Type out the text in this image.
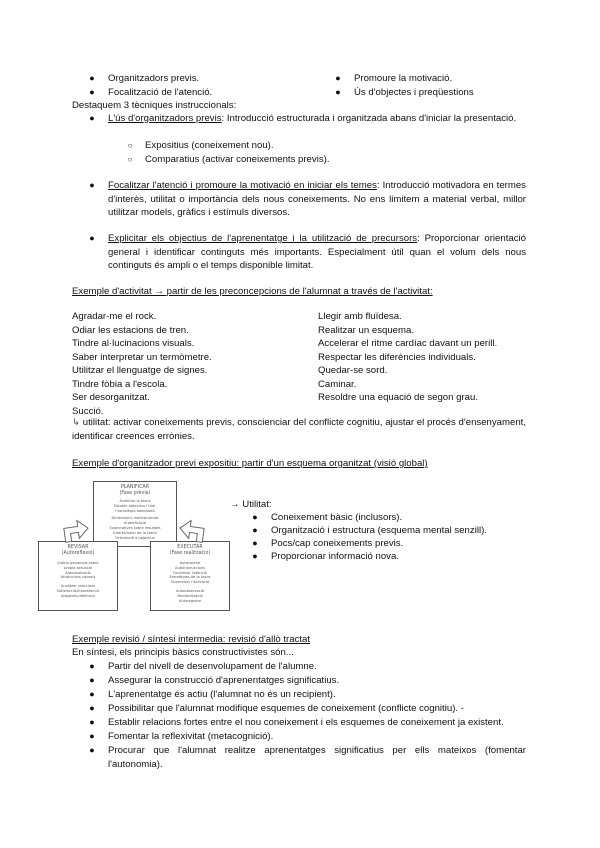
● Organitzadors previs.
● Focalització de l'atenció.
● Promoure la motivació.
● Ús d'objectes i preqüestions
Destaquem 3 tècniques instruccionals:
● L'ús d'organitzadors previs: Introducció estructurada i organitzada abans d'iniciar la presentació.
○ Expositius (coneixement nou).
○ Comparatius (activar coneixements previs).
● Focalitzar l'atenció i promoure la motivació en iniciar els temes: Introducció motivadora en termes d'interès, utilitat o importància dels nous coneixements. No ens limitem a material verbal, millor utilitzar models, gràfics i estímuls diversos.
● Explicitar els objectius de l'aprenentatge i la utilització de precursors: Proporcionar orientació general i identificar continguts més importants. Especialment útil quan el volum dels nous continguts és ampli o el temps disponible limitat.
Exemple d'activitat → partir de les preconcepcions de l'alumnat a través de l'activitat:
Agradar-me el rock.
Odiar les estacions de tren.
Tindre al·lucinacions visuals.
Saber interpretar un termòmetre.
Utilitzar el llenguatge de signes.
Tindre fòbia a l'escola.
Ser desorganitzat.
Succió.
Llegir amb fluïdesa.
Realitzar un esquema.
Accelerar el ritme cardíac davant un perill.
Respectar les diferències individuals.
Quedar-se sord.
Caminar.
Resoldre una equació de segon grau.
↳ utilitat: activar coneixements previs, conscienciar del conflicte cognitiu, ajustar el procés d'ensenyament, identificar creences errònies.
Exemple d'organitzador previ expositiu: partir d'un esquema organitzat (visió global)
PLANIFICAR
(Fase prèvia)
Analitzar la tasca
Establir objectius i triar
l'estratègia adequada
Dimensions motivacionals
Autoeficàcia
Expectatives sobre resultats
Interès/valor de la tasca
Orientació a objectius
REVISAR
(Autoreflexió)
Judicis personals sobre
propia actuació
Autoavaluació
Atribucions causals
Analitzar reaccions
Satisfacció/insatisfacció
Adaptatiu/defensiu
EXECUTAR
(Fase realització)
Autocontrol
Autoinstruccions
Focalitzar l'atenció
Estratègies de la tasca
Supervisar l'aplicació
Autoobservació
Monitorització
Autoregistre
→ Utilitat:
● Coneixement bàsic (inclusors).
● Organització i estructura (esquema mental senzill).
● Pocs/cap coneixements previs.
● Proporcionar informació nova.
Exemple revisió / síntesi intermedia: revisió d'allò tractat
En síntesi, els principis bàsics constructivistes són...
● Partir del nivell de desenvolupament de l'alumne.
● Assegurar la construcció d'aprenentatges significatius.
● L'aprenentatge és actiu (l'alumnat no és un recipient).
● Possibilitar que l'alumnat modifique esquemes de coneixement (conflicte cognitiu). -
● Establir relacions fortes entre el nou coneixement i els esquemes de coneixement ja existent.
● Fomentar la reflexivitat (metacognició).
● Procurar que l'alumnat realitze aprenentatges significatius per ells mateixos (fomentar l'autonomia).
